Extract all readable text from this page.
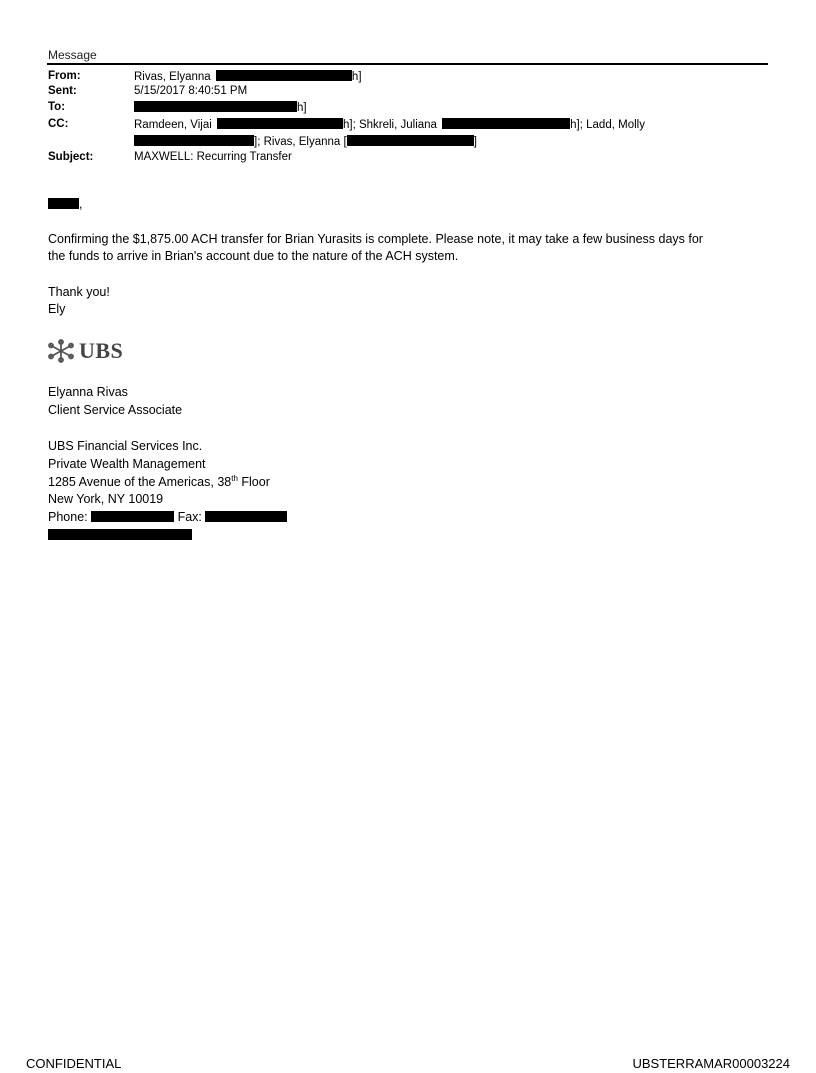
Message
From:	Rivas, Elyanna	h]
Sent:	5/15/2017 8:40:51 PM
To:	h]
CC:	Ramdeen, Vijai	h]; Shkreli, Juliana	h]; Ladd, Molly
]; Rivas, Elyanna [	]
Subject:	MAXWELL: Recurring Transfer
,
Confirming the $1,875.00 ACH transfer for Brian Yurasits is complete. Please note, it may take a few business days for
the funds to arrive in Brian's account due to the nature of the ACH system.
Thank you!
Ely
UBS
Elyanna Rivas
Client Service Associate
UBS Financial Services Inc.
Private Wealth Management
1285 Avenue of the Americas, 38th Floor
New York, NY 10019
Phone:	Fax:
CONFIDENTIAL	UBSTERRAMAR00003224
